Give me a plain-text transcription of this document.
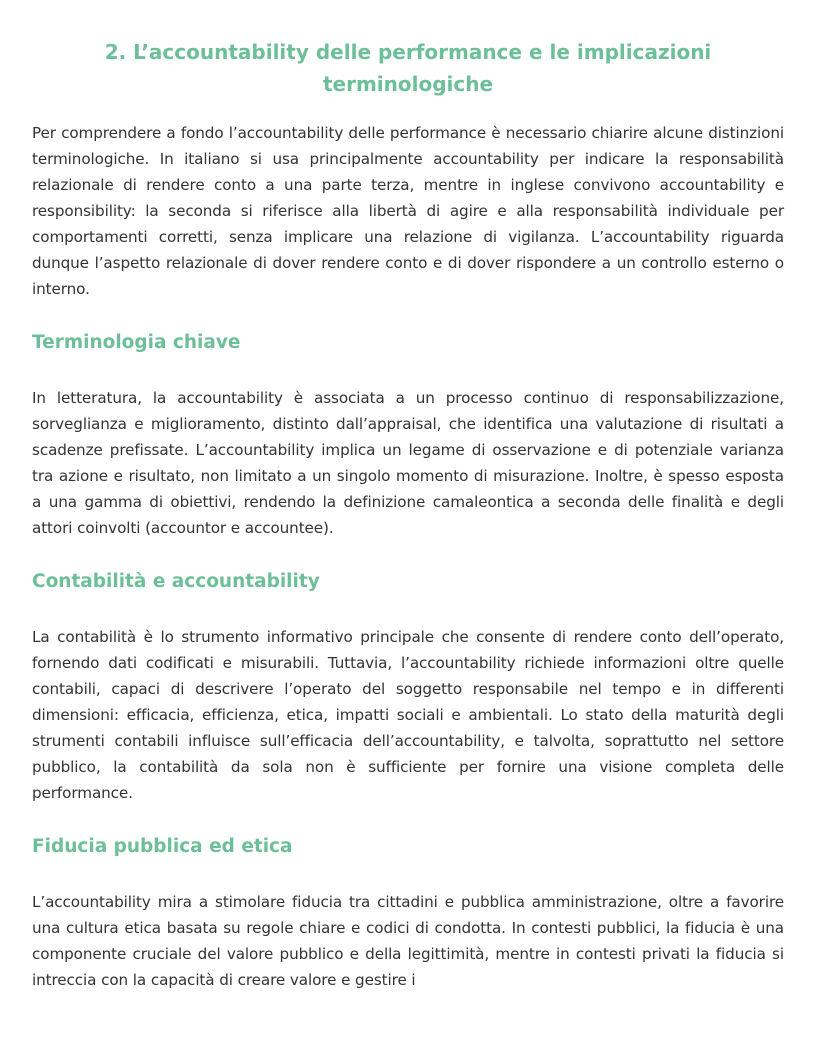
2. L’accountability delle performance e le implicazioni terminologiche

Per comprendere a fondo l’accountability delle performance è necessario chiarire alcune distinzioni terminologiche. In italiano si usa principalmente accountability per indicare la responsabilità relazionale di rendere conto a una parte terza, mentre in inglese convivono accountability e responsibility: la seconda si riferisce alla libertà di agire e alla responsabilità individuale per comportamenti corretti, senza implicare una relazione di vigilanza. L’accountability riguarda dunque l’aspetto relazionale di dover rendere conto e di dover rispondere a un controllo esterno o interno.

Terminologia chiave

In letteratura, la accountability è associata a un processo continuo di responsabilizzazione, sorveglianza e miglioramento, distinto dall’appraisal, che identifica una valutazione di risultati a scadenze prefissate. L’accountability implica un legame di osservazione e di potenziale varianza tra azione e risultato, non limitato a un singolo momento di misurazione. Inoltre, è spesso esposta a una gamma di obiettivi, rendendo la definizione camaleontica a seconda delle finalità e degli attori coinvolti (accountor e accountee).

Contabilità e accountability

La contabilità è lo strumento informativo principale che consente di rendere conto dell’operato, fornendo dati codificati e misurabili. Tuttavia, l’accountability richiede informazioni oltre quelle contabili, capaci di descrivere l’operato del soggetto responsabile nel tempo e in differenti dimensioni: efficacia, efficienza, etica, impatti sociali e ambientali. Lo stato della maturità degli strumenti contabili influisce sull’efficacia dell’accountability, e talvolta, soprattutto nel settore pubblico, la contabilità da sola non è sufficiente per fornire una visione completa delle performance.

Fiducia pubblica ed etica

L’accountability mira a stimolare fiducia tra cittadini e pubblica amministrazione, oltre a favorire una cultura etica basata su regole chiare e codici di condotta. In contesti pubblici, la fiducia è una componente cruciale del valore pubblico e della legittimità, mentre in contesti privati la fiducia si intreccia con la capacità di creare valore e gestire i
